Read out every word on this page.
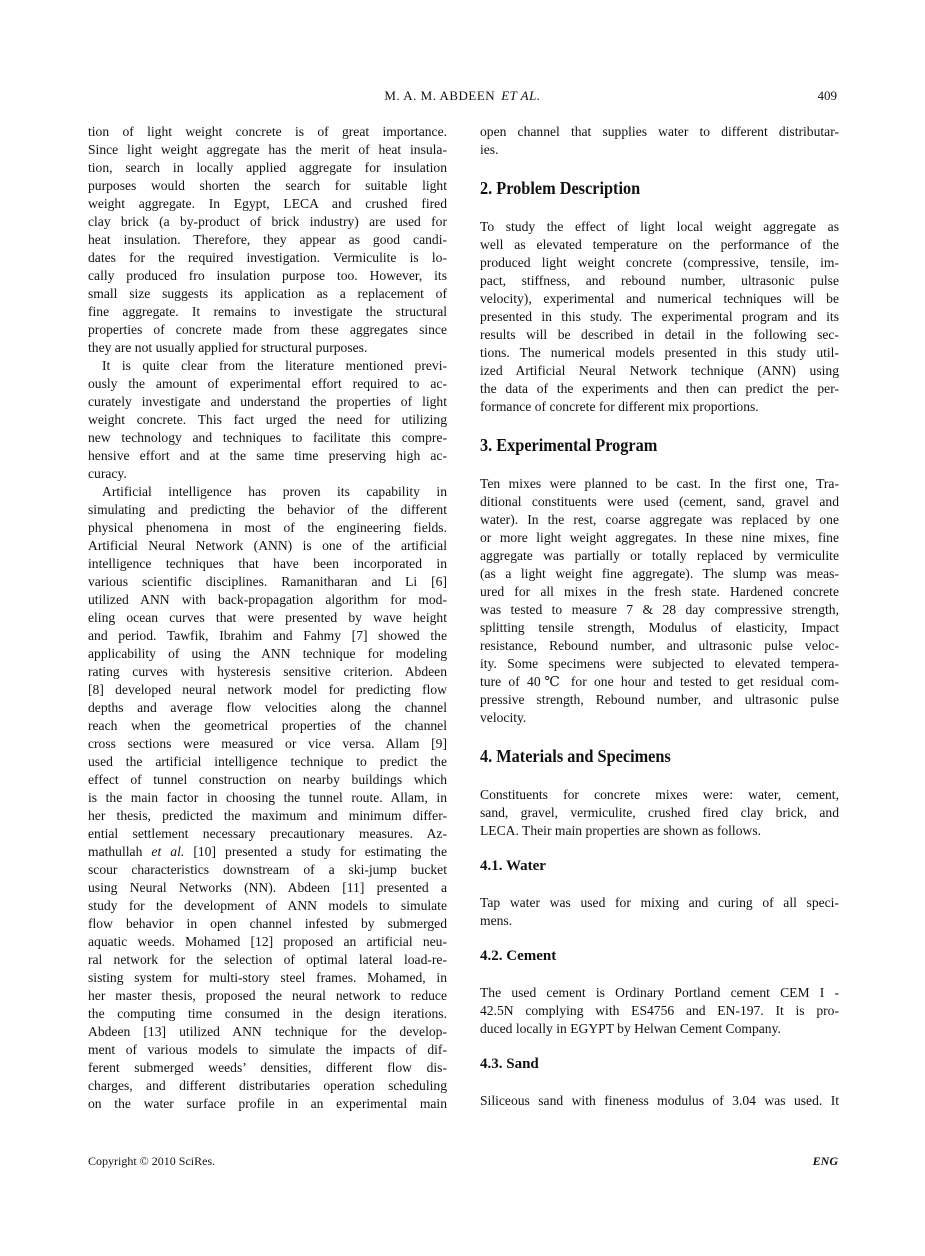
M. A. M. ABDEEN ET AL.	409
tion of light weight concrete is of great importance.
Since light weight aggregate has the merit of heat insula-
tion, search in locally applied aggregate for insulation
purposes would shorten the search for suitable light
weight aggregate. In Egypt, LECA and crushed fired
clay brick (a by-product of brick industry) are used for
heat insulation. Therefore, they appear as good candi-
dates for the required investigation. Vermiculite is lo-
cally produced fro insulation purpose too. However, its
small size suggests its application as a replacement of
fine aggregate. It remains to investigate the structural
properties of concrete made from these aggregates since
they are not usually applied for structural purposes.
It is quite clear from the literature mentioned previ-
ously the amount of experimental effort required to ac-
curately investigate and understand the properties of light
weight concrete. This fact urged the need for utilizing
new technology and techniques to facilitate this compre-
hensive effort and at the same time preserving high ac-
curacy.
Artificial intelligence has proven its capability in
simulating and predicting the behavior of the different
physical phenomena in most of the engineering fields.
Artificial Neural Network (ANN) is one of the artificial
intelligence techniques that have been incorporated in
various scientific disciplines. Ramanitharan and Li [6]
utilized ANN with back-propagation algorithm for mod-
eling ocean curves that were presented by wave height
and period. Tawfik, Ibrahim and Fahmy [7] showed the
applicability of using the ANN technique for modeling
rating curves with hysteresis sensitive criterion. Abdeen
[8] developed neural network model for predicting flow
depths and average flow velocities along the channel
reach when the geometrical properties of the channel
cross sections were measured or vice versa. Allam [9]
used the artificial intelligence technique to predict the
effect of tunnel construction on nearby buildings which
is the main factor in choosing the tunnel route. Allam, in
her thesis, predicted the maximum and minimum differ-
ential settlement necessary precautionary measures. Az-
mathullah et al. [10] presented a study for estimating the
scour characteristics downstream of a ski-jump bucket
using Neural Networks (NN). Abdeen [11] presented a
study for the development of ANN models to simulate
flow behavior in open channel infested by submerged
aquatic weeds. Mohamed [12] proposed an artificial neu-
ral network for the selection of optimal lateral load-re-
sisting system for multi-story steel frames. Mohamed, in
her master thesis, proposed the neural network to reduce
the computing time consumed in the design iterations.
Abdeen [13] utilized ANN technique for the develop-
ment of various models to simulate the impacts of dif-
ferent submerged weeds’ densities, different flow dis-
charges, and different distributaries operation scheduling
on the water surface profile in an experimental main
open channel that supplies water to different distributar-
ies.
2. Problem Description
To study the effect of light local weight aggregate as
well as elevated temperature on the performance of the
produced light weight concrete (compressive, tensile, im-
pact, stiffness, and rebound number, ultrasonic pulse
velocity), experimental and numerical techniques will be
presented in this study. The experimental program and its
results will be described in detail in the following sec-
tions. The numerical models presented in this study util-
ized Artificial Neural Network technique (ANN) using
the data of the experiments and then can predict the per-
formance of concrete for different mix proportions.
3. Experimental Program
Ten mixes were planned to be cast. In the first one, Tra-
ditional constituents were used (cement, sand, gravel and
water). In the rest, coarse aggregate was replaced by one
or more light weight aggregates. In these nine mixes, fine
aggregate was partially or totally replaced by vermiculite
(as a light weight fine aggregate). The slump was meas-
ured for all mixes in the fresh state. Hardened concrete
was tested to measure 7 & 28 day compressive strength,
splitting tensile strength, Modulus of elasticity, Impact
resistance, Rebound number, and ultrasonic pulse veloc-
ity. Some specimens were subjected to elevated tempera-
ture of 40℃ for one hour and tested to get residual com-
pressive strength, Rebound number, and ultrasonic pulse
velocity.
4. Materials and Specimens
Constituents for concrete mixes were: water, cement,
sand, gravel, vermiculite, crushed fired clay brick, and
LECA. Their main properties are shown as follows.
4.1. Water
Tap water was used for mixing and curing of all speci-
mens.
4.2. Cement
The used cement is Ordinary Portland cement CEM I -
42.5N complying with ES4756 and EN-197. It is pro-
duced locally in EGYPT by Helwan Cement Company.
4.3. Sand
Siliceous sand with fineness modulus of 3.04 was used. It
Copyright © 2010 SciRes.	ENG
